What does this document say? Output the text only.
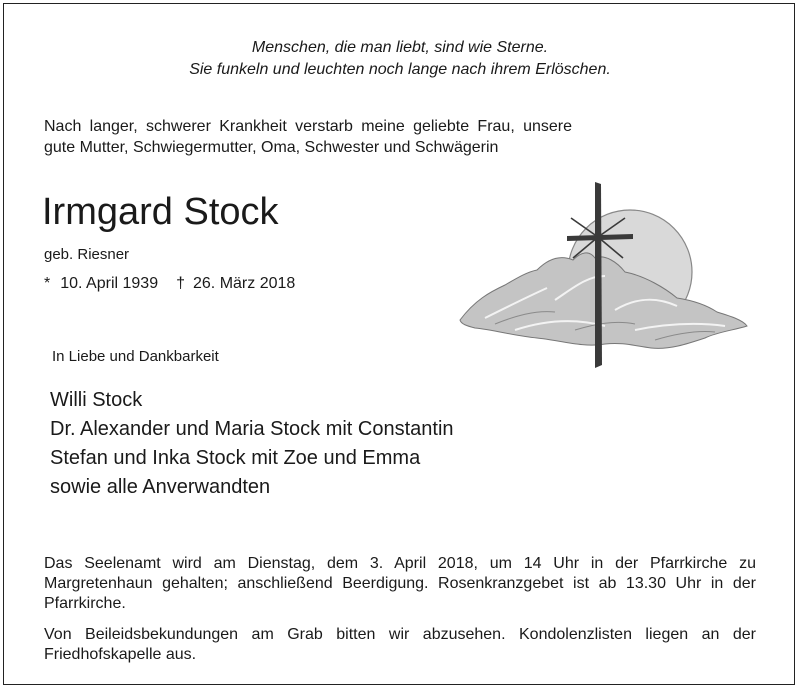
Menschen, die man liebt, sind wie Sterne.
Sie funkeln und leuchten noch lange nach ihrem Erlöschen.
Nach langer, schwerer Krankheit verstarb meine geliebte Frau, unsere gute Mutter, Schwiegermutter, Oma, Schwester und Schwägerin
Irmgard Stock
geb. Riesner
* 10. April 1939 † 26. März 2018
In Liebe und Dankbarkeit
Willi Stock
Dr. Alexander und Maria Stock mit Constantin
Stefan und Inka Stock mit Zoe und Emma
sowie alle Anverwandten
Das Seelenamt wird am Dienstag, dem 3. April 2018, um 14 Uhr in der Pfarrkirche zu Margretenhaun gehalten; anschließend Beerdigung. Rosenkranzgebet ist ab 13.30 Uhr in der Pfarrkirche.
Von Beileidsbekundungen am Grab bitten wir abzusehen. Kondolenzlisten liegen an der Friedhofskapelle aus.
